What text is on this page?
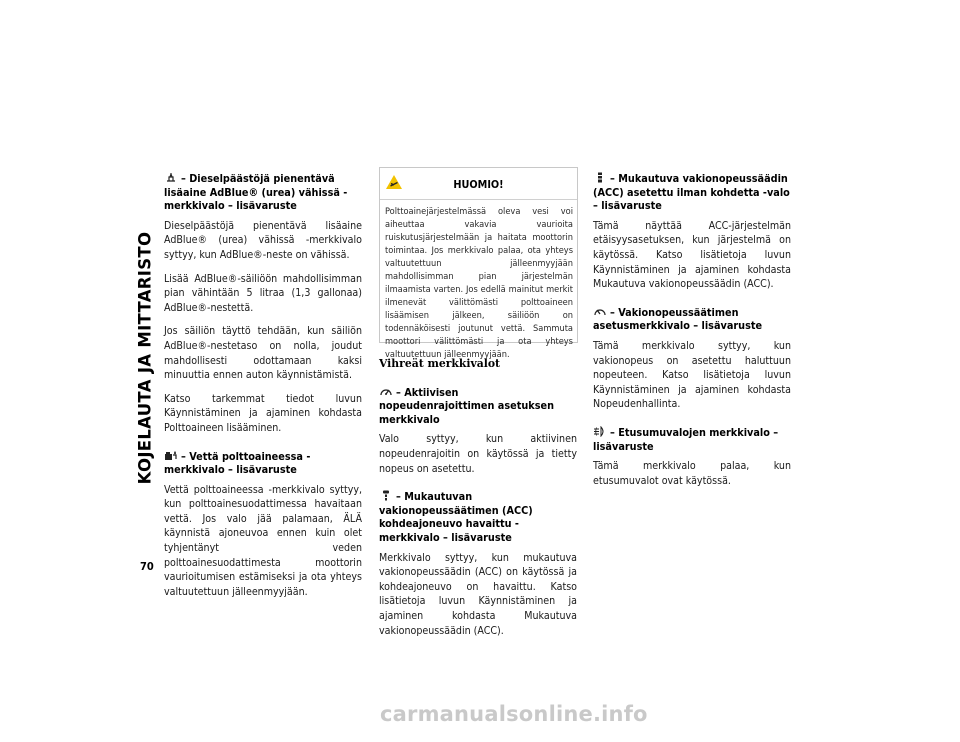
KOJELAUTA JA MITTARISTO
70
– Dieselpäästöjä pienentävä lisäaine AdBlue® (urea) vähissä -merkkivalo – lisävaruste

Dieselpäästöjä pienentävä lisäaine AdBlue® (urea) vähissä -merkkivalo syttyy, kun AdBlue®-neste on vähissä.

Lisää AdBlue®-säiliöön mahdollisimman pian vähintään 5 litraa (1,3 gallonaa) AdBlue®-nestettä.

Jos säiliön täyttö tehdään, kun säiliön AdBlue®-nestetaso on nolla, joudut mahdollisesti odottamaan kaksi minuuttia ennen auton käynnistämistä.

Katso tarkemmat tiedot luvun Käynnistäminen ja ajaminen kohdasta Polttoaineen lisääminen.

– Vettä polttoaineessa -merkkivalo – lisävaruste

Vettä polttoaineessa -merkkivalo syttyy, kun polttoainesuodattimessa havaitaan vettä. Jos valo jää palamaan, ÄLÄ käynnistä ajoneuvoa ennen kuin olet tyhjentänyt veden polttoainesuodattimesta moottorin vaurioitumisen estämiseksi ja ota yhteys valtuutettuun jälleenmyyjään.

HUOMIO!
Polttoainejärjestelmässä oleva vesi voi aiheuttaa vakavia vaurioita ruiskutusjärjestelmään ja haitata moottorin toimintaa. Jos merkkivalo palaa, ota yhteys valtuutettuun jälleenmyyjään mahdollisimman pian järjestelmän ilmaamista varten. Jos edellä mainitut merkit ilmenevät välittömästi polttoaineen lisäämisen jälkeen, säiliöön on todennäköisesti joutunut vettä. Sammuta moottori välittömästi ja ota yhteys valtuutettuun jälleenmyyjään.
Vihreät merkkivalot
– Aktiivisen nopeudenrajoittimen asetuksen merkkivalo

Valo syttyy, kun aktiivinen nopeudenrajoitin on käytössä ja tietty nopeus on asetettu.

– Mukautuvan vakionopeussäätimen (ACC) kohdeajoneuvo havaittu -merkkivalo – lisävaruste

Merkkivalo syttyy, kun mukautuva vakionopeussäädin (ACC) on käytössä ja kohdeajoneuvo on havaittu. Katso lisätietoja luvun Käynnistäminen ja ajaminen kohdasta Mukautuva vakionopeussäädin (ACC).

– Mukautuva vakionopeussäädin (ACC) asetettu ilman kohdetta -valo – lisävaruste

Tämä näyttää ACC-järjestelmän etäisyysasetuksen, kun järjestelmä on käytössä. Katso lisätietoja luvun Käynnistäminen ja ajaminen kohdasta Mukautuva vakionopeussäädin (ACC).

– Vakionopeussäätimen asetusmerkkivalo – lisävaruste

Tämä merkkivalo syttyy, kun vakionopeus on asetettu haluttuun nopeuteen. Katso lisätietoja luvun Käynnistäminen ja ajaminen kohdasta Nopeudenhallinta.

– Etusumuvalojen merkkivalo – lisävaruste

Tämä merkkivalo palaa, kun etusumuvalot ovat käytössä.

carmanualsonline.info
